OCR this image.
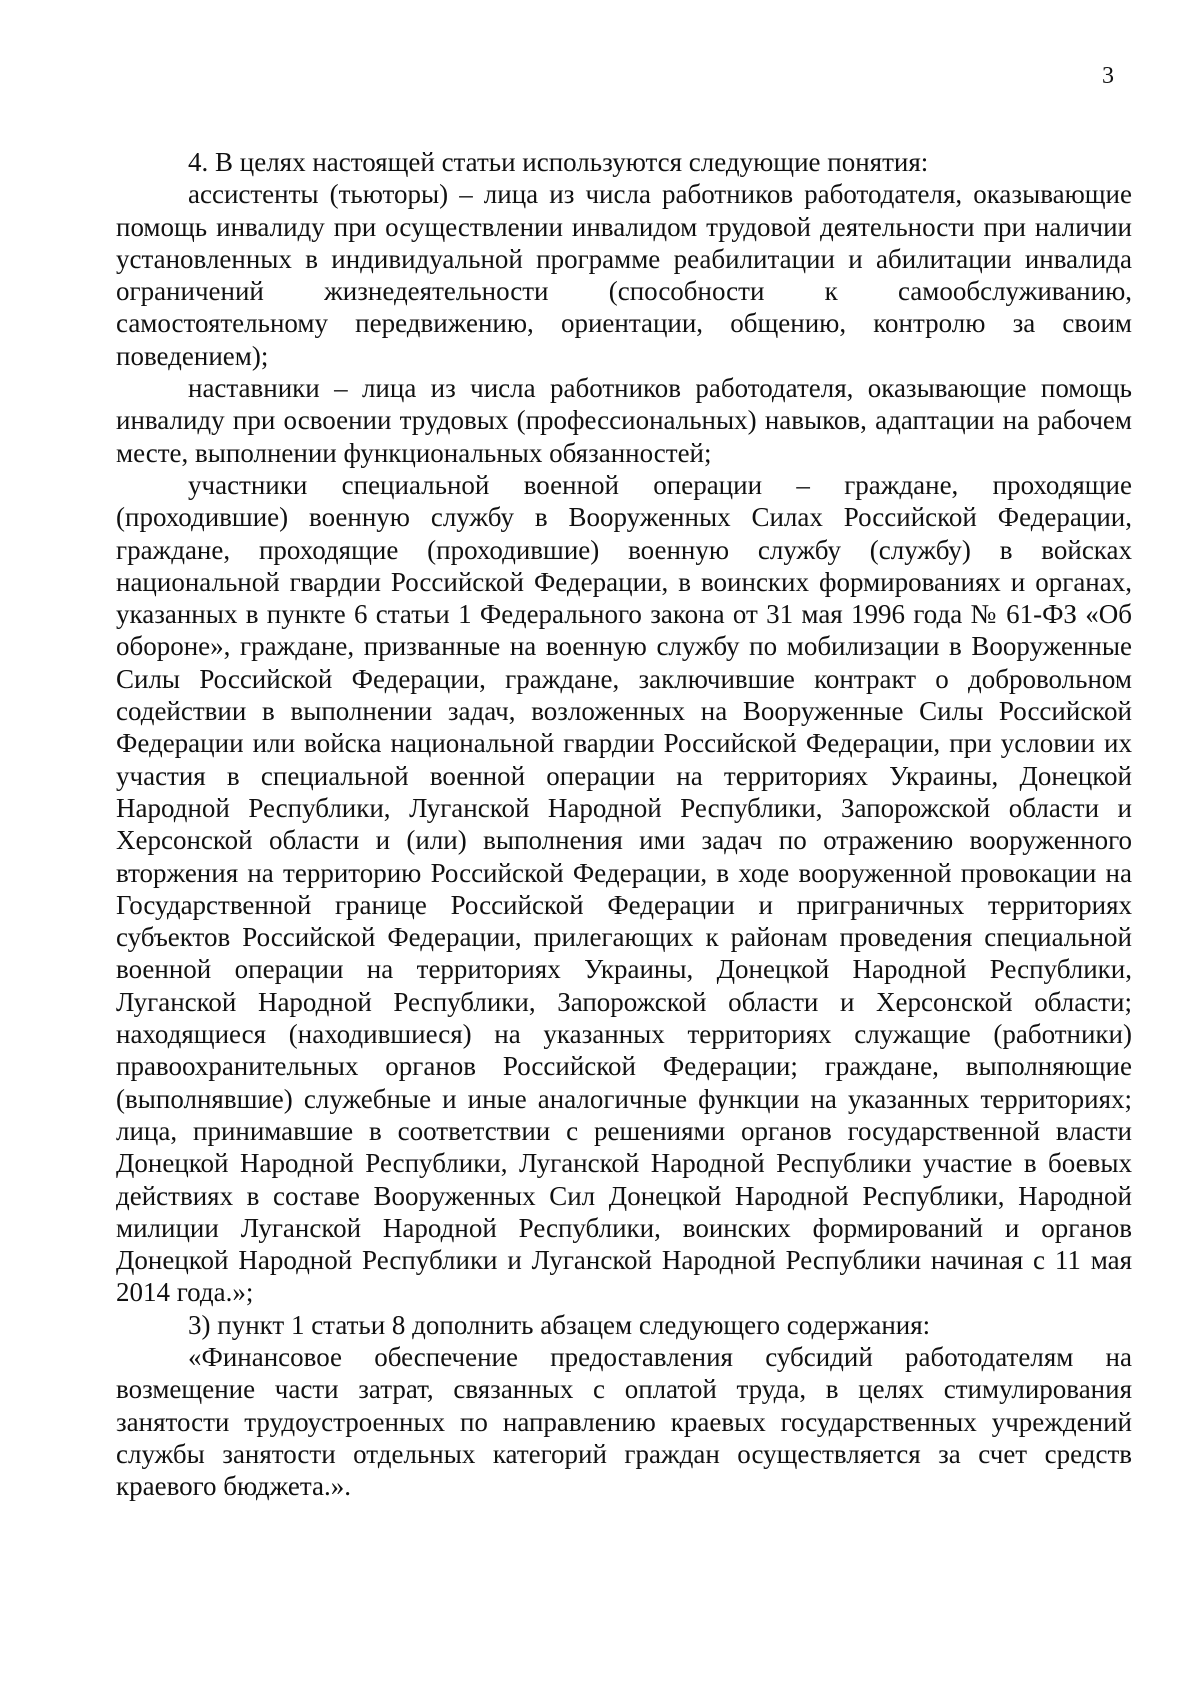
3

4. В целях настоящей статьи используются следующие понятия:

ассистенты (тьюторы) – лица из числа работников работодателя, оказывающие помощь инвалиду при осуществлении инвалидом трудовой деятельности при наличии установленных в индивидуальной программе реабилитации и абилитации инвалида ограничений жизнедеятельности (способности к самообслуживанию, самостоятельному передвижению, ориентации, общению, контролю за своим поведением);

наставники – лица из числа работников работодателя, оказывающие помощь инвалиду при освоении трудовых (профессиональных) навыков, адаптации на рабочем месте, выполнении функциональных обязанностей;

участники специальной военной операции – граждане, проходящие (проходившие) военную службу в Вооруженных Силах Российской Федерации, граждане, проходящие (проходившие) военную службу (службу) в войсках национальной гвардии Российской Федерации, в воинских формированиях и органах, указанных в пункте 6 статьи 1 Федерального закона от 31 мая 1996 года № 61-ФЗ «Об обороне», граждане, призванные на военную службу по мобилизации в Вооруженные Силы Российской Федерации, граждане, заключившие контракт о добровольном содействии в выполнении задач, возложенных на Вооруженные Силы Российской Федерации или войска национальной гвардии Российской Федерации, при условии их участия в специальной военной операции на территориях Украины, Донецкой Народной Республики, Луганской Народной Республики, Запорожской области и Херсонской области и (или) выполнения ими задач по отражению вооруженного вторжения на территорию Российской Федерации, в ходе вооруженной провокации на Государственной границе Российской Федерации и приграничных территориях субъектов Российской Федерации, прилегающих к районам проведения специальной военной операции на территориях Украины, Донецкой Народной Республики, Луганской Народной Республики, Запорожской области и Херсонской области; находящиеся (находившиеся) на указанных территориях служащие (работники) правоохранительных органов Российской Федерации; граждане, выполняющие (выполнявшие) служебные и иные аналогичные функции на указанных территориях; лица, принимавшие в соответствии с решениями органов государственной власти Донецкой Народной Республики, Луганской Народной Республики участие в боевых действиях в составе Вооруженных Сил Донецкой Народной Республики, Народной милиции Луганской Народной Республики, воинских формирований и органов Донецкой Народной Республики и Луганской Народной Республики начиная с 11 мая 2014 года.»;

3) пункт 1 статьи 8 дополнить абзацем следующего содержания:

«Финансовое обеспечение предоставления субсидий работодателям на возмещение части затрат, связанных с оплатой труда, в целях стимулирования занятости трудоустроенных по направлению краевых государственных учреждений службы занятости отдельных категорий граждан осуществляется за счет средств краевого бюджета.».
